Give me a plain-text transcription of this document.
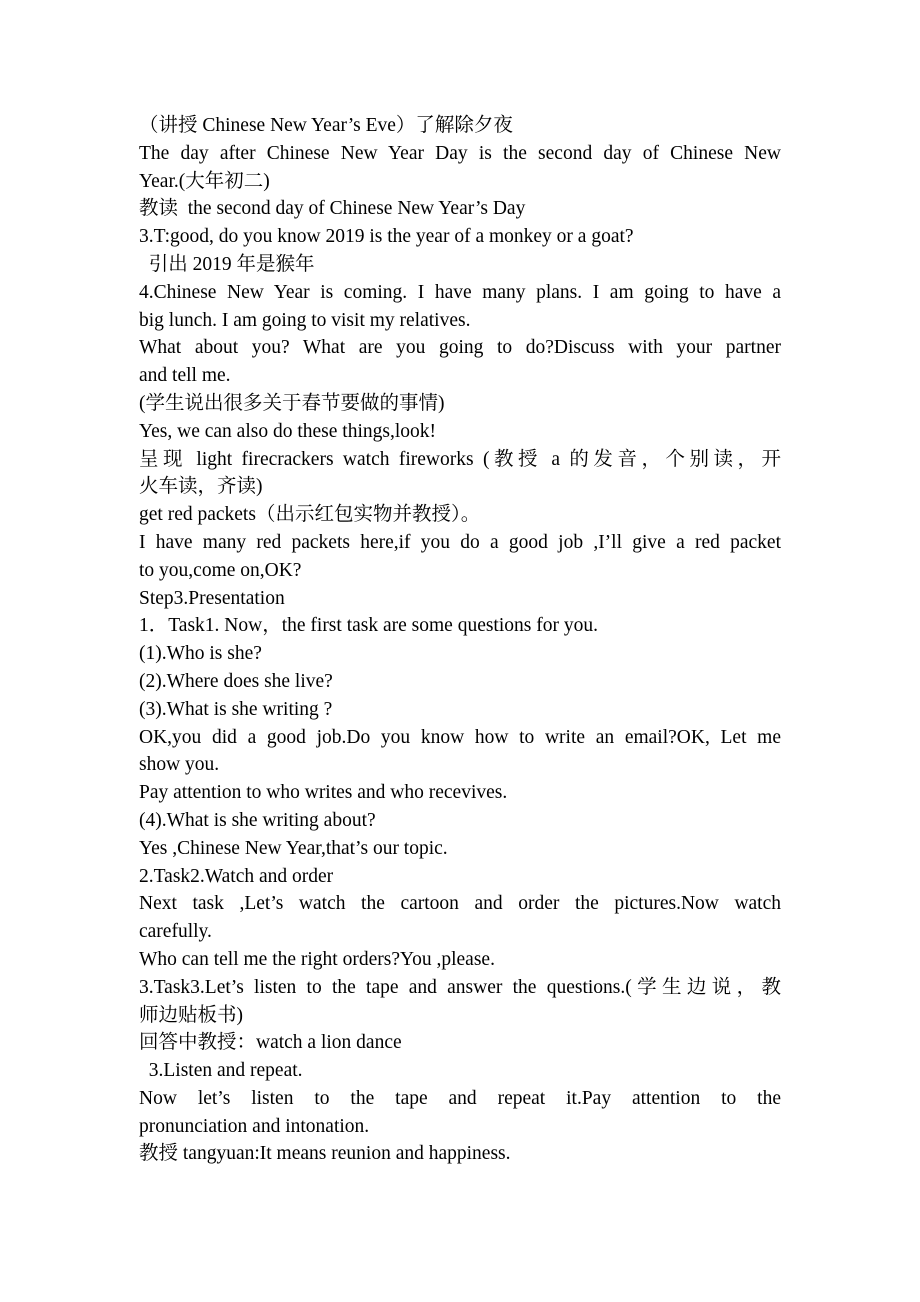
（讲授 Chinese New Year’s Eve）了解除夕夜
The day after Chinese New Year Day is the second day of Chinese New
Year.(大年初二)
教读  the second day of Chinese New Year’s Day
3.T:good, do you know 2019 is the year of a monkey or a goat?
引出 2019 年是猴年
4.Chinese New Year is coming. I have many plans. I am going to have a
big lunch. I am going to visit my relatives.
What about you? What are you going to do?Discuss with your partner
and tell me.
(学生说出很多关于春节要做的事情)
Yes, we can also do these things,look!
呈现 light firecrackers watch fireworks (教授 a 的发音，个别读，开
火车读，齐读)
get red packets（出示红包实物并教授）。
I have many red packets here,if you do a good job ,I’ll give a red packet
to you,come on,OK?
Step3.Presentation
1．Task1. Now，the first task are some questions for you.
(1).Who is she?
(2).Where does she live?
(3).What is she writing ?
OK,you did a good job.Do you know how to write an email?OK, Let me
show you.
Pay attention to who writes and who recevives.
(4).What is she writing about?
Yes ,Chinese New Year,that’s our topic.
2.Task2.Watch and order
Next task ,Let’s watch the cartoon and order the pictures.Now watch
carefully.
Who can tell me the right orders?You ,please.
3.Task3.Let’s listen to the tape and answer the questions.(学生边说，教
师边贴板书)
回答中教授：watch a lion dance
3.Listen and repeat.
Now let’s listen to the tape and repeat it.Pay attention to the
pronunciation and intonation.
教授 tangyuan:It means reunion and happiness.
